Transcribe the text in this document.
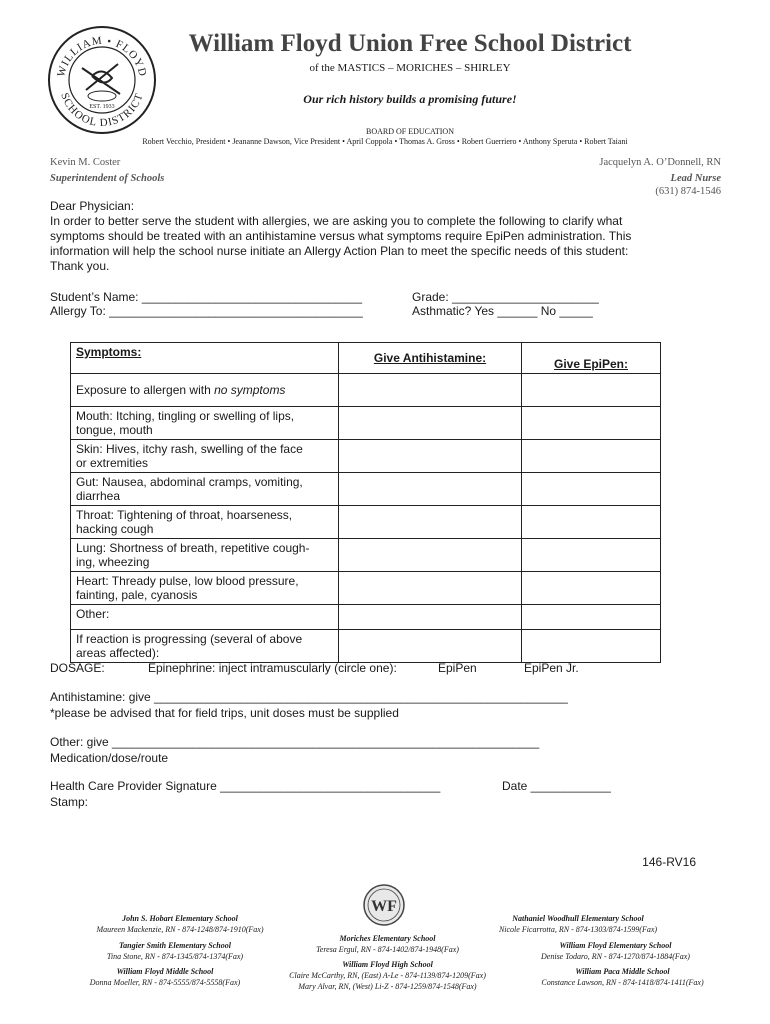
WILLIAM • FLOYD
SCHOOL DISTRICT
EST. 1933
William Floyd Union Free School District
of the MASTICS – MORICHES – SHIRLEY
Our rich history builds a promising future!
BOARD OF EDUCATION
Robert Vecchio, President • Jeananne Dawson, Vice President • April Coppola • Thomas A. Gross • Robert Guerriero • Anthony Speruta • Robert Taiani
Kevin M. Coster
Superintendent of Schools
Jacquelyn A. O’Donnell, RN
Lead Nurse
(631) 874-1546
Dear Physician:
In order to better serve the student with allergies, we are asking you to complete the following to clarify what
symptoms should be treated with an antihistamine versus what symptoms require EpiPen administration. This
information will help the school nurse initiate an Allergy Action Plan to meet the specific needs of this student:
Thank you.
Student’s Name: _________________________________	Grade: ______________________
Allergy To: ______________________________________	Asthmatic? Yes ______ No _____
Symptoms:	Give Antihistamine:	Give EpiPen:
Exposure to allergen with no symptoms		

Mouth: Itching, tingling or swelling of lips,
tongue, mouth		

Skin: Hives, itchy rash, swelling of the face
or extremities		

Gut: Nausea, abdominal cramps, vomiting,
diarrhea		

Throat: Tightening of throat, hoarseness,
hacking cough		

Lung: Shortness of breath, repetitive cough-
ing, wheezing		

Heart: Thready pulse, low blood pressure,
fainting, pale, cyanosis		

Other:		

If reaction is progressing (several of above
areas affected):		

DOSAGE:	Epinephrine: inject intramuscularly (circle one):	EpiPen	EpiPen Jr.
Antihistamine: give ______________________________________________________________
*please be advised that for field trips, unit doses must be supplied
Other: give ________________________________________________________________
Medication/dose/route
Health Care Provider Signature _________________________________	Date ____________
Stamp:
146-RV16
WF
John S. Hobart Elementary School
Maureen Mackenzie, RN - 874-1248/874-1910(Fax)
Tangier Smith Elementary School
Tina Stone, RN - 874-1345/874-1374(Fax)
William Floyd Middle School
Donna Moeller, RN - 874-5555/874-5558(Fax)
Moriches Elementary School
Teresa Ergul, RN - 874-1402/874-1948(Fax)
William Floyd High School
Claire McCarthy, RN, (East) A-Le - 874-1139/874-1209(Fax)
Mary Alvar, RN, (West) Li-Z - 874-1259/874-1548(Fax)
Nathaniel Woodhull Elementary School
Nicole Ficarrotta, RN - 874-1303/874-1599(Fax)
William Floyd Elementary School
Denise Todaro, RN - 874-1270/874-1884(Fax)
William Paca Middle School
Constance Lawson, RN - 874-1418/874-1411(Fax)
